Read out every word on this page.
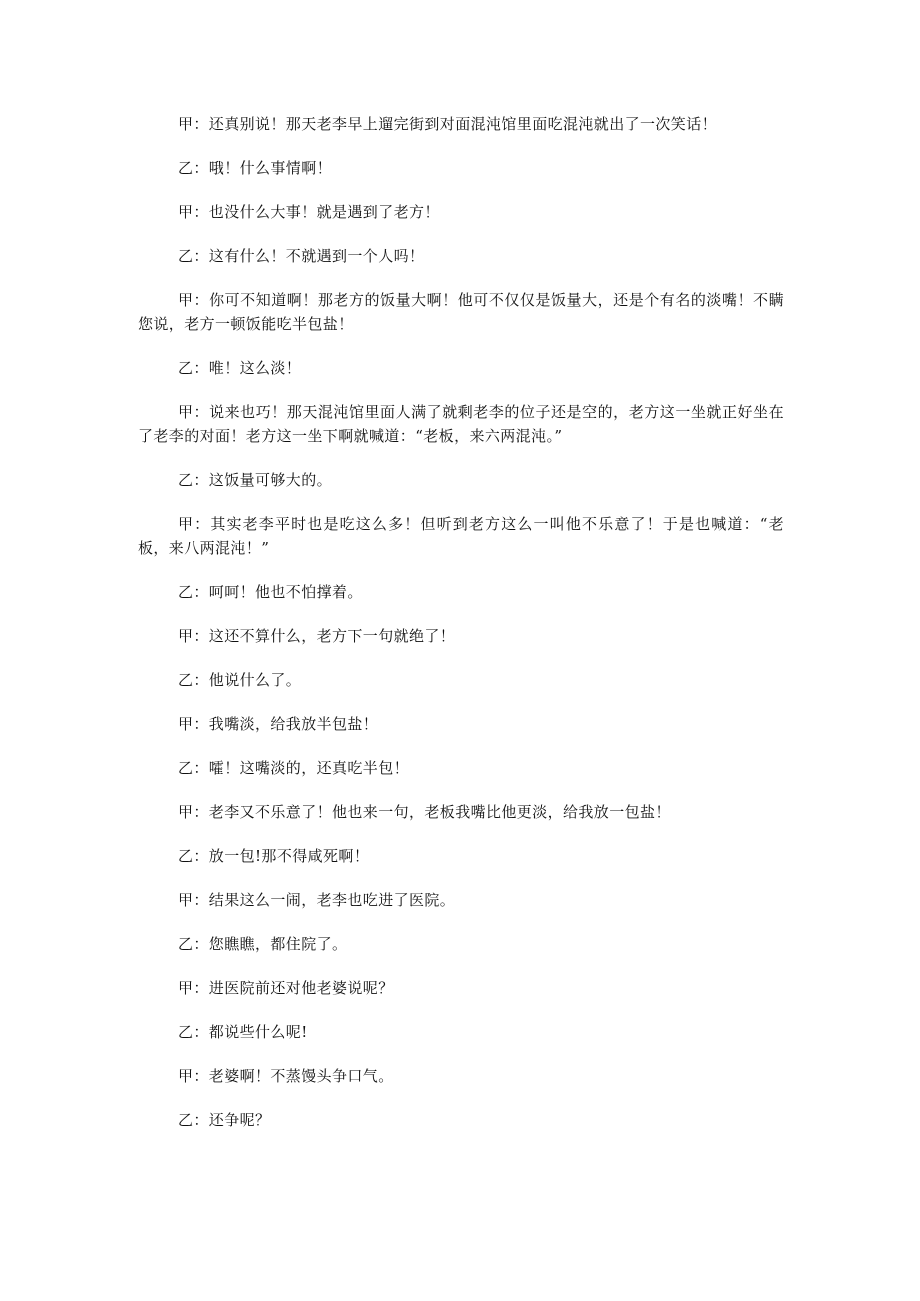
甲：还真别说！那天老李早上遛完街到对面混沌馆里面吃混沌就出了一次笑话！

乙：哦！什么事情啊！

甲：也没什么大事！就是遇到了老方！

乙：这有什么！不就遇到一个人吗！

甲：你可不知道啊！那老方的饭量大啊！他可不仅仅是饭量大，还是个有名的淡嘴！不瞒您说，老方一顿饭能吃半包盐！

乙：唯！这么淡！

甲：说来也巧！那天混沌馆里面人满了就剩老李的位子还是空的，老方这一坐就正好坐在了老李的对面！老方这一坐下啊就喊道：“老板，来六两混沌。”

乙：这饭量可够大的。

甲：其实老李平时也是吃这么多！但听到老方这么一叫他不乐意了！于是也喊道：“老板，来八两混沌！”

乙：呵呵！他也不怕撑着。

甲：这还不算什么，老方下一句就绝了！

乙：他说什么了。

甲：我嘴淡，给我放半包盐！

乙：嚯！这嘴淡的，还真吃半包！

甲：老李又不乐意了！他也来一句，老板我嘴比他更淡，给我放一包盐！

乙：放一包!那不得咸死啊！

甲：结果这么一闹，老李也吃进了医院。

乙：您瞧瞧，都住院了。

甲：进医院前还对他老婆说呢？

乙：都说些什么呢!

甲：老婆啊！不蒸馒头争口气。

乙：还争呢？
